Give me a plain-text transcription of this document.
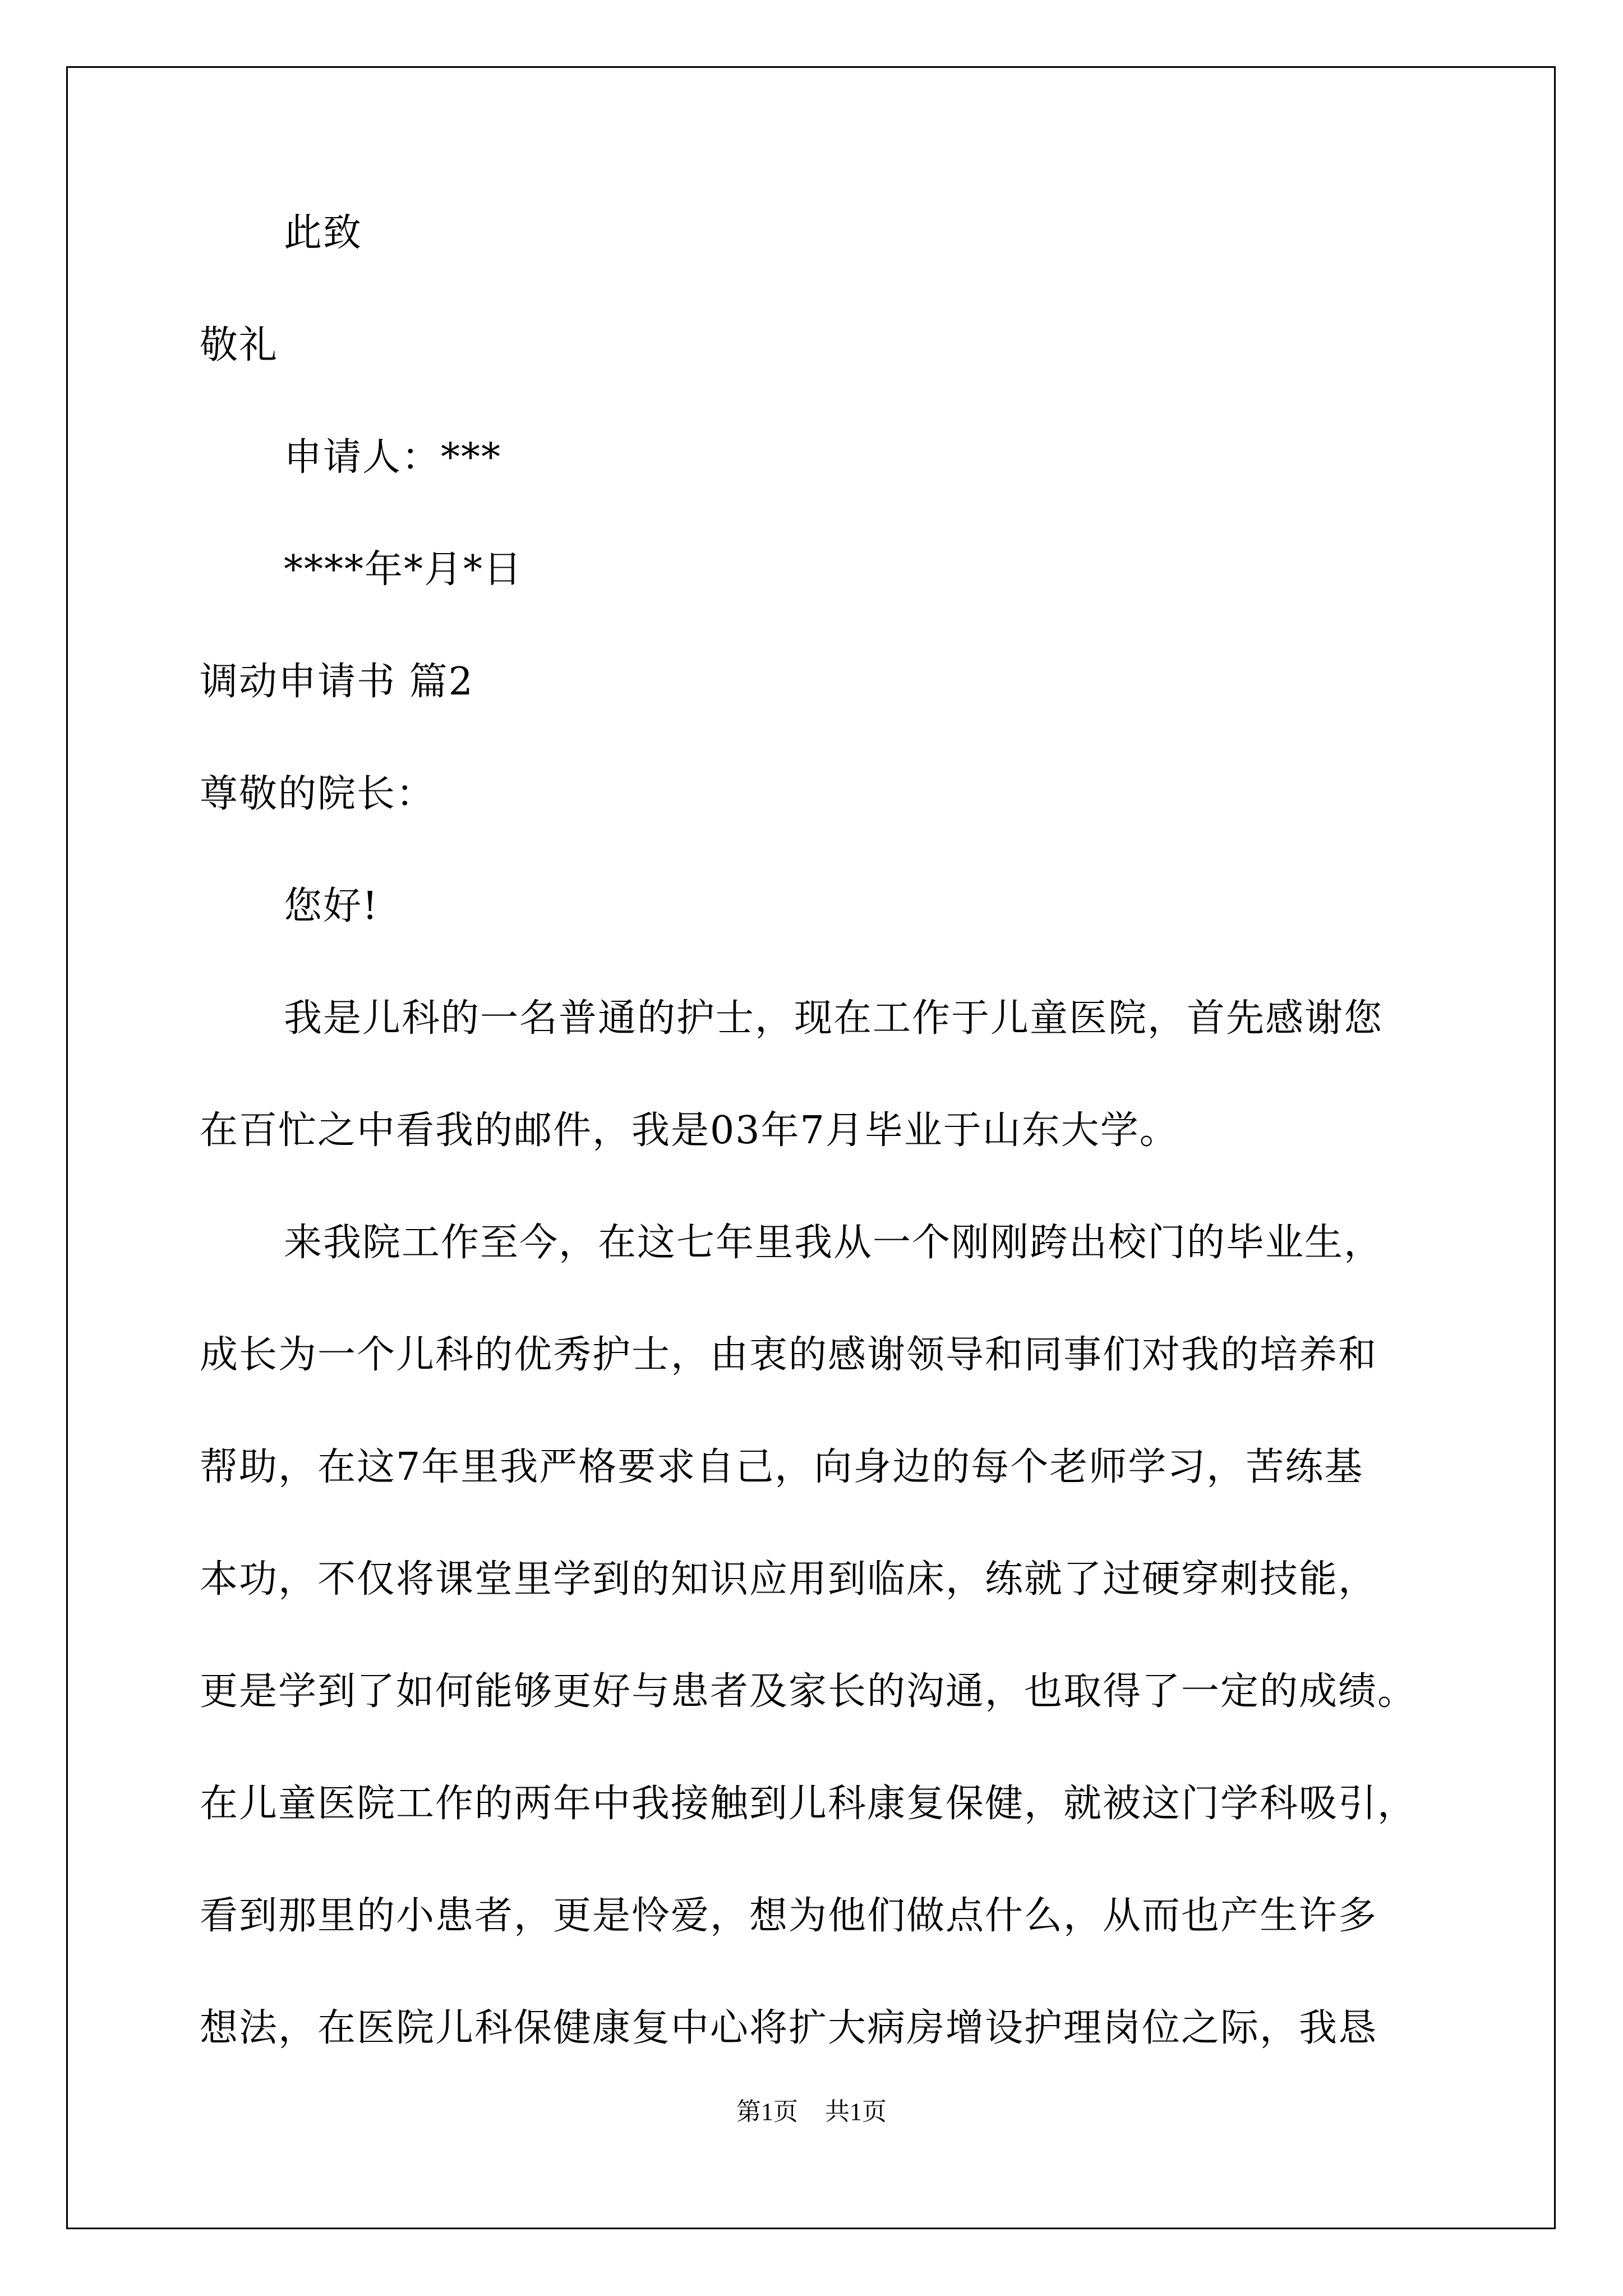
此致
敬礼
申请人：***
****年*月*日
调动申请书 篇2
尊敬的院长：
您好!
我是儿科的一名普通的护士，现在工作于儿童医院，首先感谢您
在百忙之中看我的邮件，我是03年7月毕业于山东大学。
来我院工作至今，在这七年里我从一个刚刚跨出校门的毕业生，
成长为一个儿科的优秀护士，由衷的感谢领导和同事们对我的培养和
帮助，在这7年里我严格要求自己，向身边的每个老师学习，苦练基
本功，不仅将课堂里学到的知识应用到临床，练就了过硬穿刺技能，
更是学到了如何能够更好与患者及家长的沟通，也取得了一定的成绩。
在儿童医院工作的两年中我接触到儿科康复保健，就被这门学科吸引，
看到那里的小患者，更是怜爱，想为他们做点什么，从而也产生许多
想法，在医院儿科保健康复中心将扩大病房增设护理岗位之际，我恳
第1页 共1页
